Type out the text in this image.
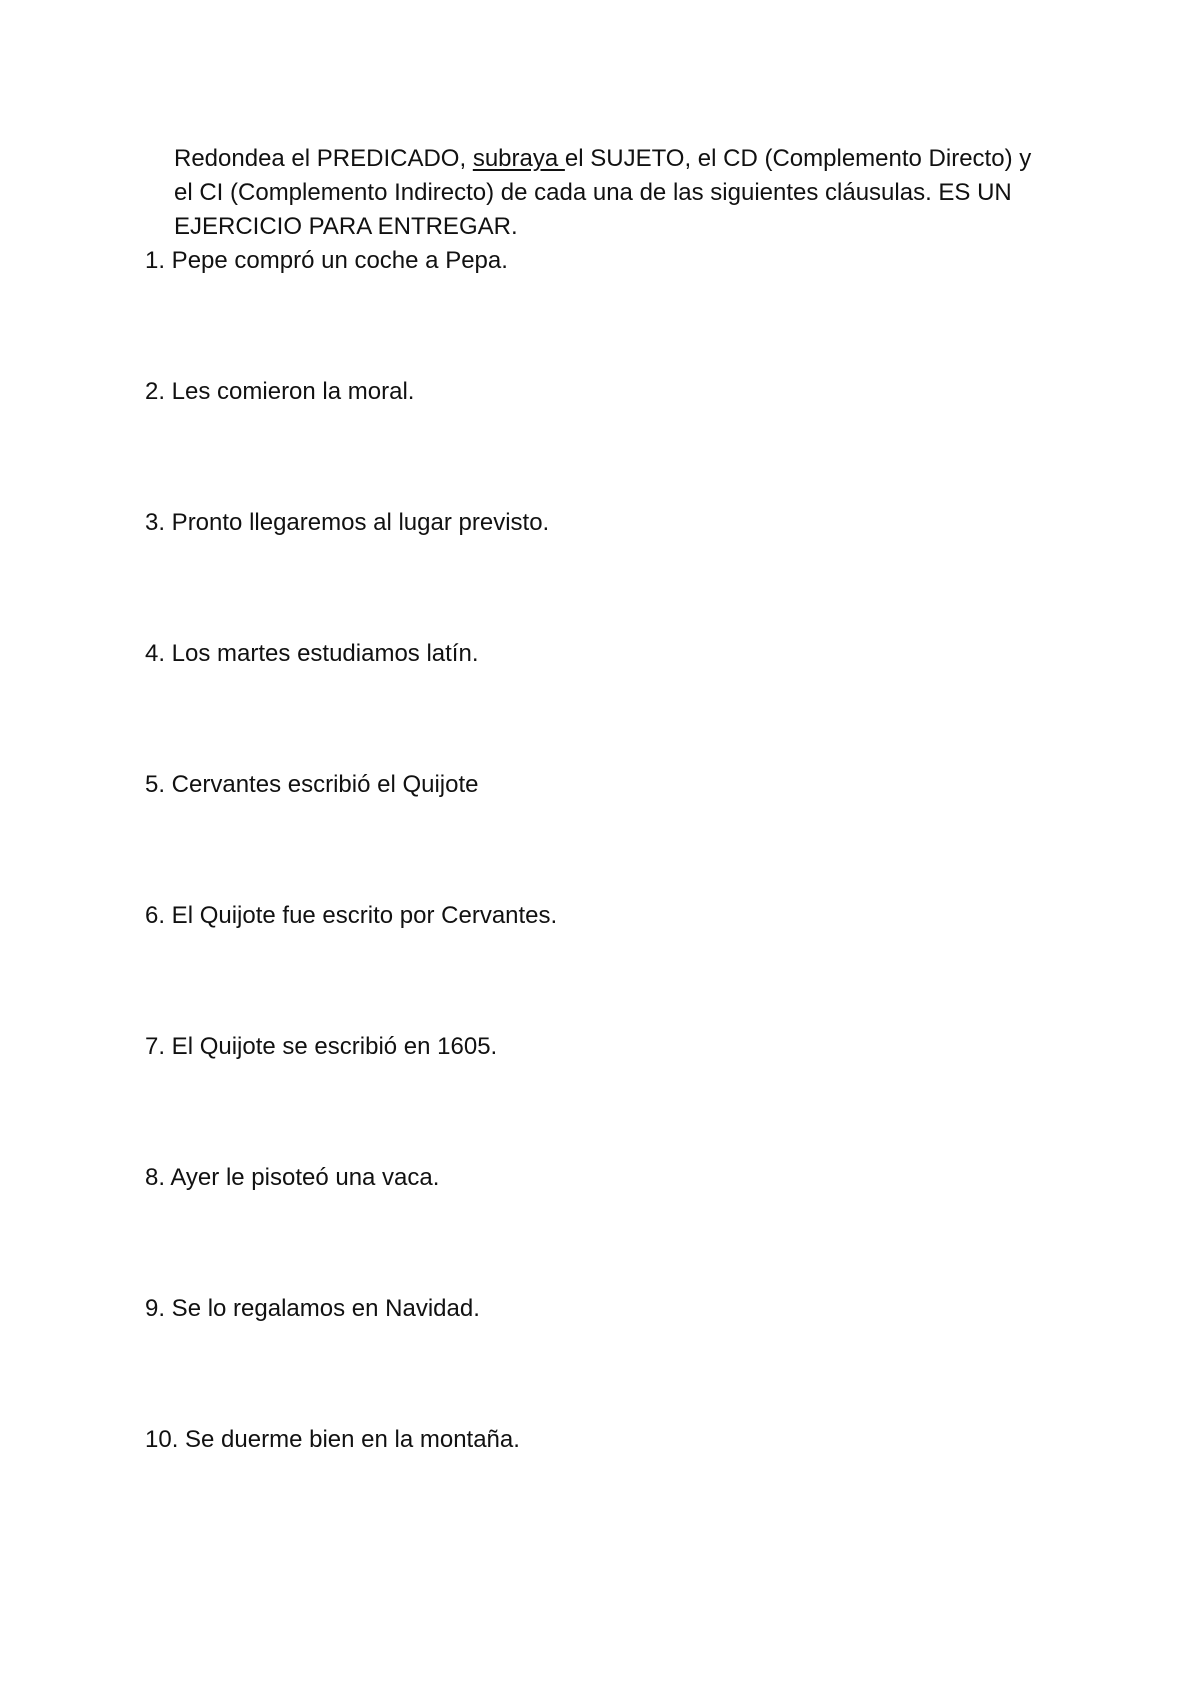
Redondea el PREDICADO, subraya el SUJETO, el CD (Complemento Directo) y el CI (Complemento Indirecto) de cada una de las siguientes cláusulas. ES UN EJERCICIO PARA ENTREGAR.
1. Pepe compró un coche a Pepa.
2. Les comieron la moral.
3. Pronto llegaremos al lugar previsto.
4. Los martes estudiamos latín.
5. Cervantes escribió el Quijote
6. El Quijote fue escrito por Cervantes.
7. El Quijote se escribió en 1605.
8. Ayer le pisoteó una vaca.
9. Se lo regalamos en Navidad.
10. Se duerme bien en la montaña.
